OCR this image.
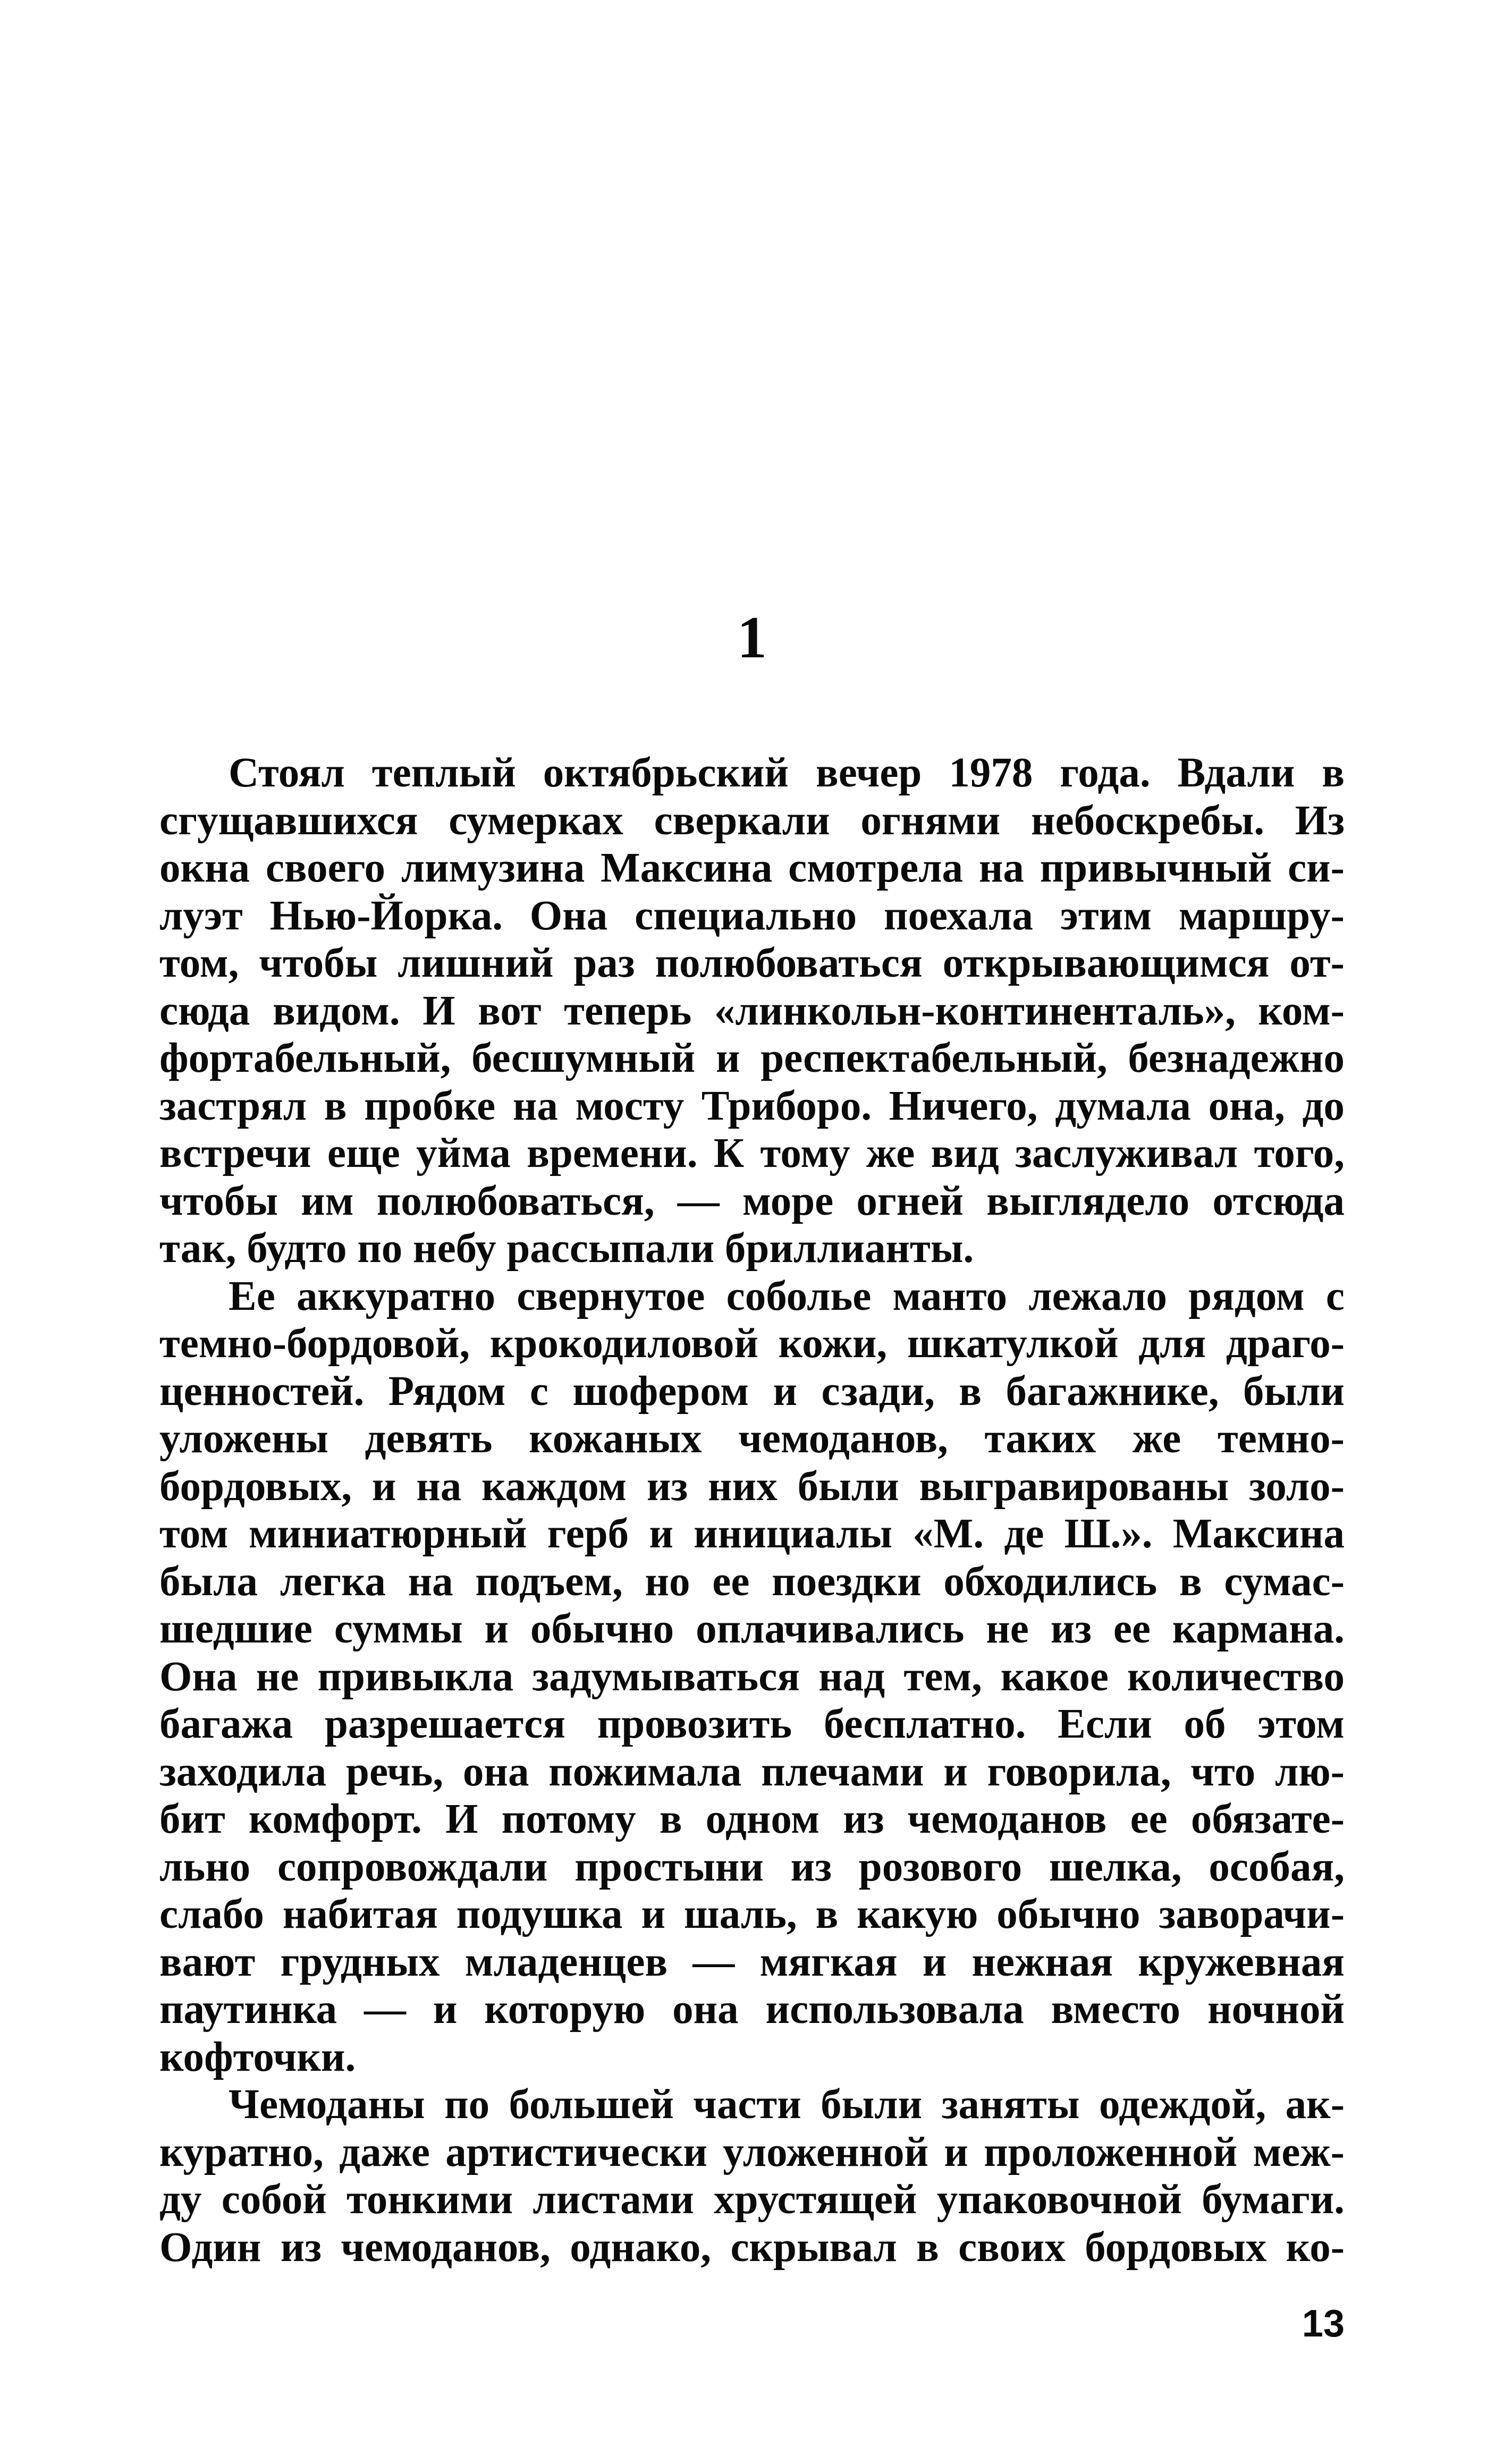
1
Стоял теплый октябрьский вечер 1978 года. Вдали в
сгущавшихся сумерках сверкали огнями небоскребы. Из
окна своего лимузина Максина смотрела на привычный си-
луэт Нью-Йорка. Она специально поехала этим маршру-
том, чтобы лишний раз полюбоваться открывающимся от-
сюда видом. И вот теперь «линкольн-континенталь», ком-
фортабельный, бесшумный и респектабельный, безнадежно
застрял в пробке на мосту Триборо. Ничего, думала она, до
встречи еще уйма времени. К тому же вид заслуживал того,
чтобы им полюбоваться, — море огней выглядело отсюда
так, будто по небу рассыпали бриллианты.
Ее аккуратно свернутое соболье манто лежало рядом с
темно-бордовой, крокодиловой кожи, шкатулкой для драго-
ценностей. Рядом с шофером и сзади, в багажнике, были
уложены девять кожаных чемоданов, таких же темно-
бордовых, и на каждом из них были выгравированы золо-
том миниатюрный герб и инициалы «М. де Ш.». Максина
была легка на подъем, но ее поездки обходились в сумас-
шедшие суммы и обычно оплачивались не из ее кармана.
Она не привыкла задумываться над тем, какое количество
багажа разрешается провозить бесплатно. Если об этом
заходила речь, она пожимала плечами и говорила, что лю-
бит комфорт. И потому в одном из чемоданов ее обязате-
льно сопровождали простыни из розового шелка, особая,
слабо набитая подушка и шаль, в какую обычно заворачи-
вают грудных младенцев — мягкая и нежная кружевная
паутинка — и которую она использовала вместо ночной
кофточки.
Чемоданы по большей части были заняты одеждой, ак-
куратно, даже артистически уложенной и проложенной меж-
ду собой тонкими листами хрустящей упаковочной бумаги.
Один из чемоданов, однако, скрывал в своих бордовых ко-
13
